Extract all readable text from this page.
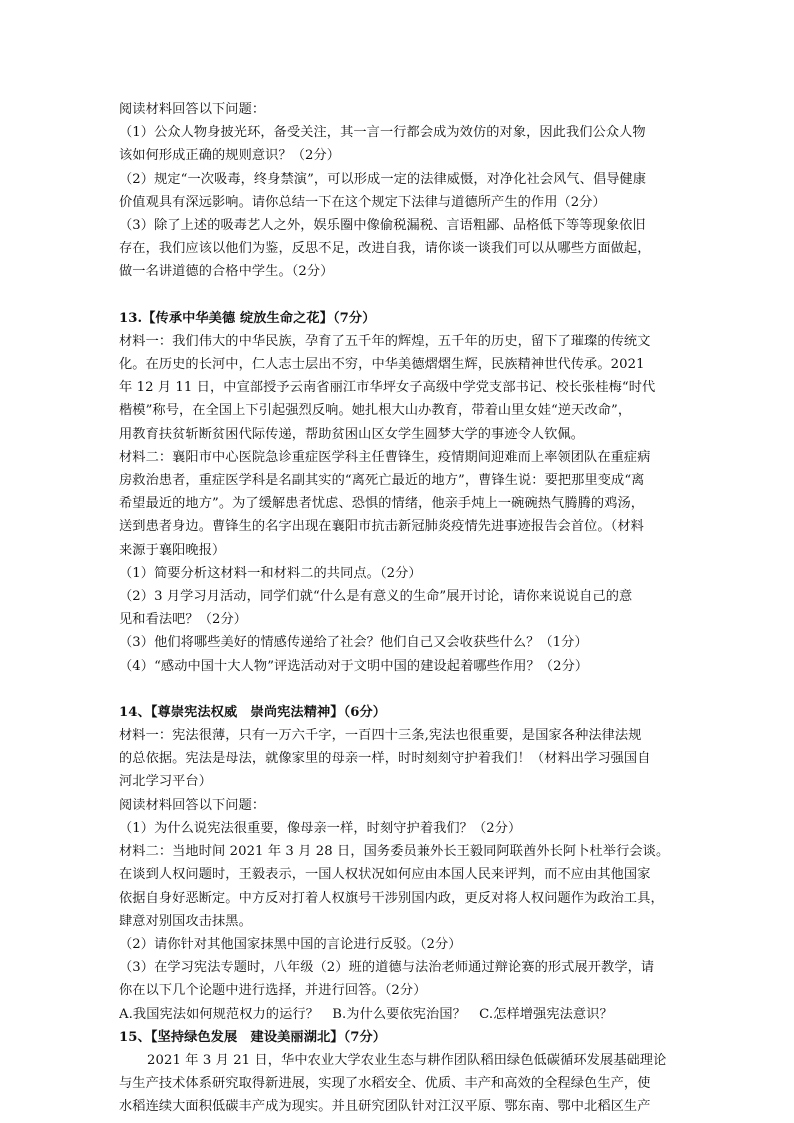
阅读材料回答以下问题：

（1）公众人物身披光环，备受关注，其一言一行都会成为效仿的对象，因此我们公众人物

该如何形成正确的规则意识？（2分）

（2）规定“一次吸毒，终身禁演”，可以形成一定的法律威慑，对净化社会风气、倡导健康

价值观具有深远影响。请你总结一下在这个规定下法律与道德所产生的作用（2分）

（3）除了上述的吸毒艺人之外，娱乐圈中像偷税漏税、言语粗鄙、品格低下等等现象依旧

存在，我们应该以他们为鉴，反思不足，改进自我，请你谈一谈我们可以从哪些方面做起，

做一名讲道德的合格中学生。（2分）

13.【传承中华美德 绽放生命之花】（7分）

材料一：我们伟大的中华民族，孕育了五千年的辉煌，五千年的历史，留下了璀璨的传统文

化。在历史的长河中，仁人志士层出不穷，中华美德熠熠生辉，民族精神世代传承。2021

年 12 月 11 日，中宣部授予云南省丽江市华坪女子高级中学党支部书记、校长张桂梅“时代

楷模”称号，在全国上下引起强烈反响。她扎根大山办教育，带着山里女娃“逆天改命”，

用教育扶贫斩断贫困代际传递，帮助贫困山区女学生圆梦大学的事迹令人钦佩。

材料二：襄阳市中心医院急诊重症医学科主任曹锋生，疫情期间迎难而上率领团队在重症病

房救治患者，重症医学科是名副其实的“离死亡最近的地方”，曹锋生说：要把那里变成“离

希望最近的地方”。为了缓解患者忧虑、恐惧的情绪，他亲手炖上一碗碗热气腾腾的鸡汤，

送到患者身边。曹锋生的名字出现在襄阳市抗击新冠肺炎疫情先进事迹报告会首位。（材料

来源于襄阳晚报）

（1）简要分析这材料一和材料二的共同点。（2分）

（2）3 月学习月活动，同学们就“什么是有意义的生命”展开讨论，请你来说说自己的意

见和看法吧？（2分）

（3）他们将哪些美好的情感传递给了社会？他们自己又会收获些什么？（1分）

（4）“感动中国十大人物”评选活动对于文明中国的建设起着哪些作用？（2分）

14、【尊崇宪法权威　崇尚宪法精神】（6分）

材料一：宪法很薄，只有一万六千字，一百四十三条,宪法也很重要，是国家各种法律法规

的总依据。宪法是母法，就像家里的母亲一样，时时刻刻守护着我们！（材料出学习强国自

河北学习平台）

阅读材料回答以下问题：

（1）为什么说宪法很重要，像母亲一样，时刻守护着我们？（2分）

材料二：当地时间 2021 年 3 月 28 日，国务委员兼外长王毅同阿联酋外长阿卜杜举行会谈。

在谈到人权问题时，王毅表示，一国人权状况如何应由本国人民来评判，而不应由其他国家

依据自身好恶断定。中方反对打着人权旗号干涉别国内政，更反对将人权问题作为政治工具，

肆意对别国攻击抹黑。

（2）请你针对其他国家抹黑中国的言论进行反驳。（2分）

（3）在学习宪法专题时，八年级（2）班的道德与法治老师通过辩论赛的形式展开教学，请

你在以下几个论题中进行选择，并进行回答。（2分）

A.我国宪法如何规范权力的运行？　B.为什么要依宪治国？　C.怎样增强宪法意识？

15、【坚持绿色发展　建设美丽湖北】（7分）

2021 年 3 月 21 日，华中农业大学农业生态与耕作团队稻田绿色低碳循环发展基础理论

与生产技术体系研究取得新进展，实现了水稻安全、优质、丰产和高效的全程绿色生产，使

水稻连续大面积低碳丰产成为现实。并且研究团队针对江汉平原、鄂东南、鄂中北稻区生产
